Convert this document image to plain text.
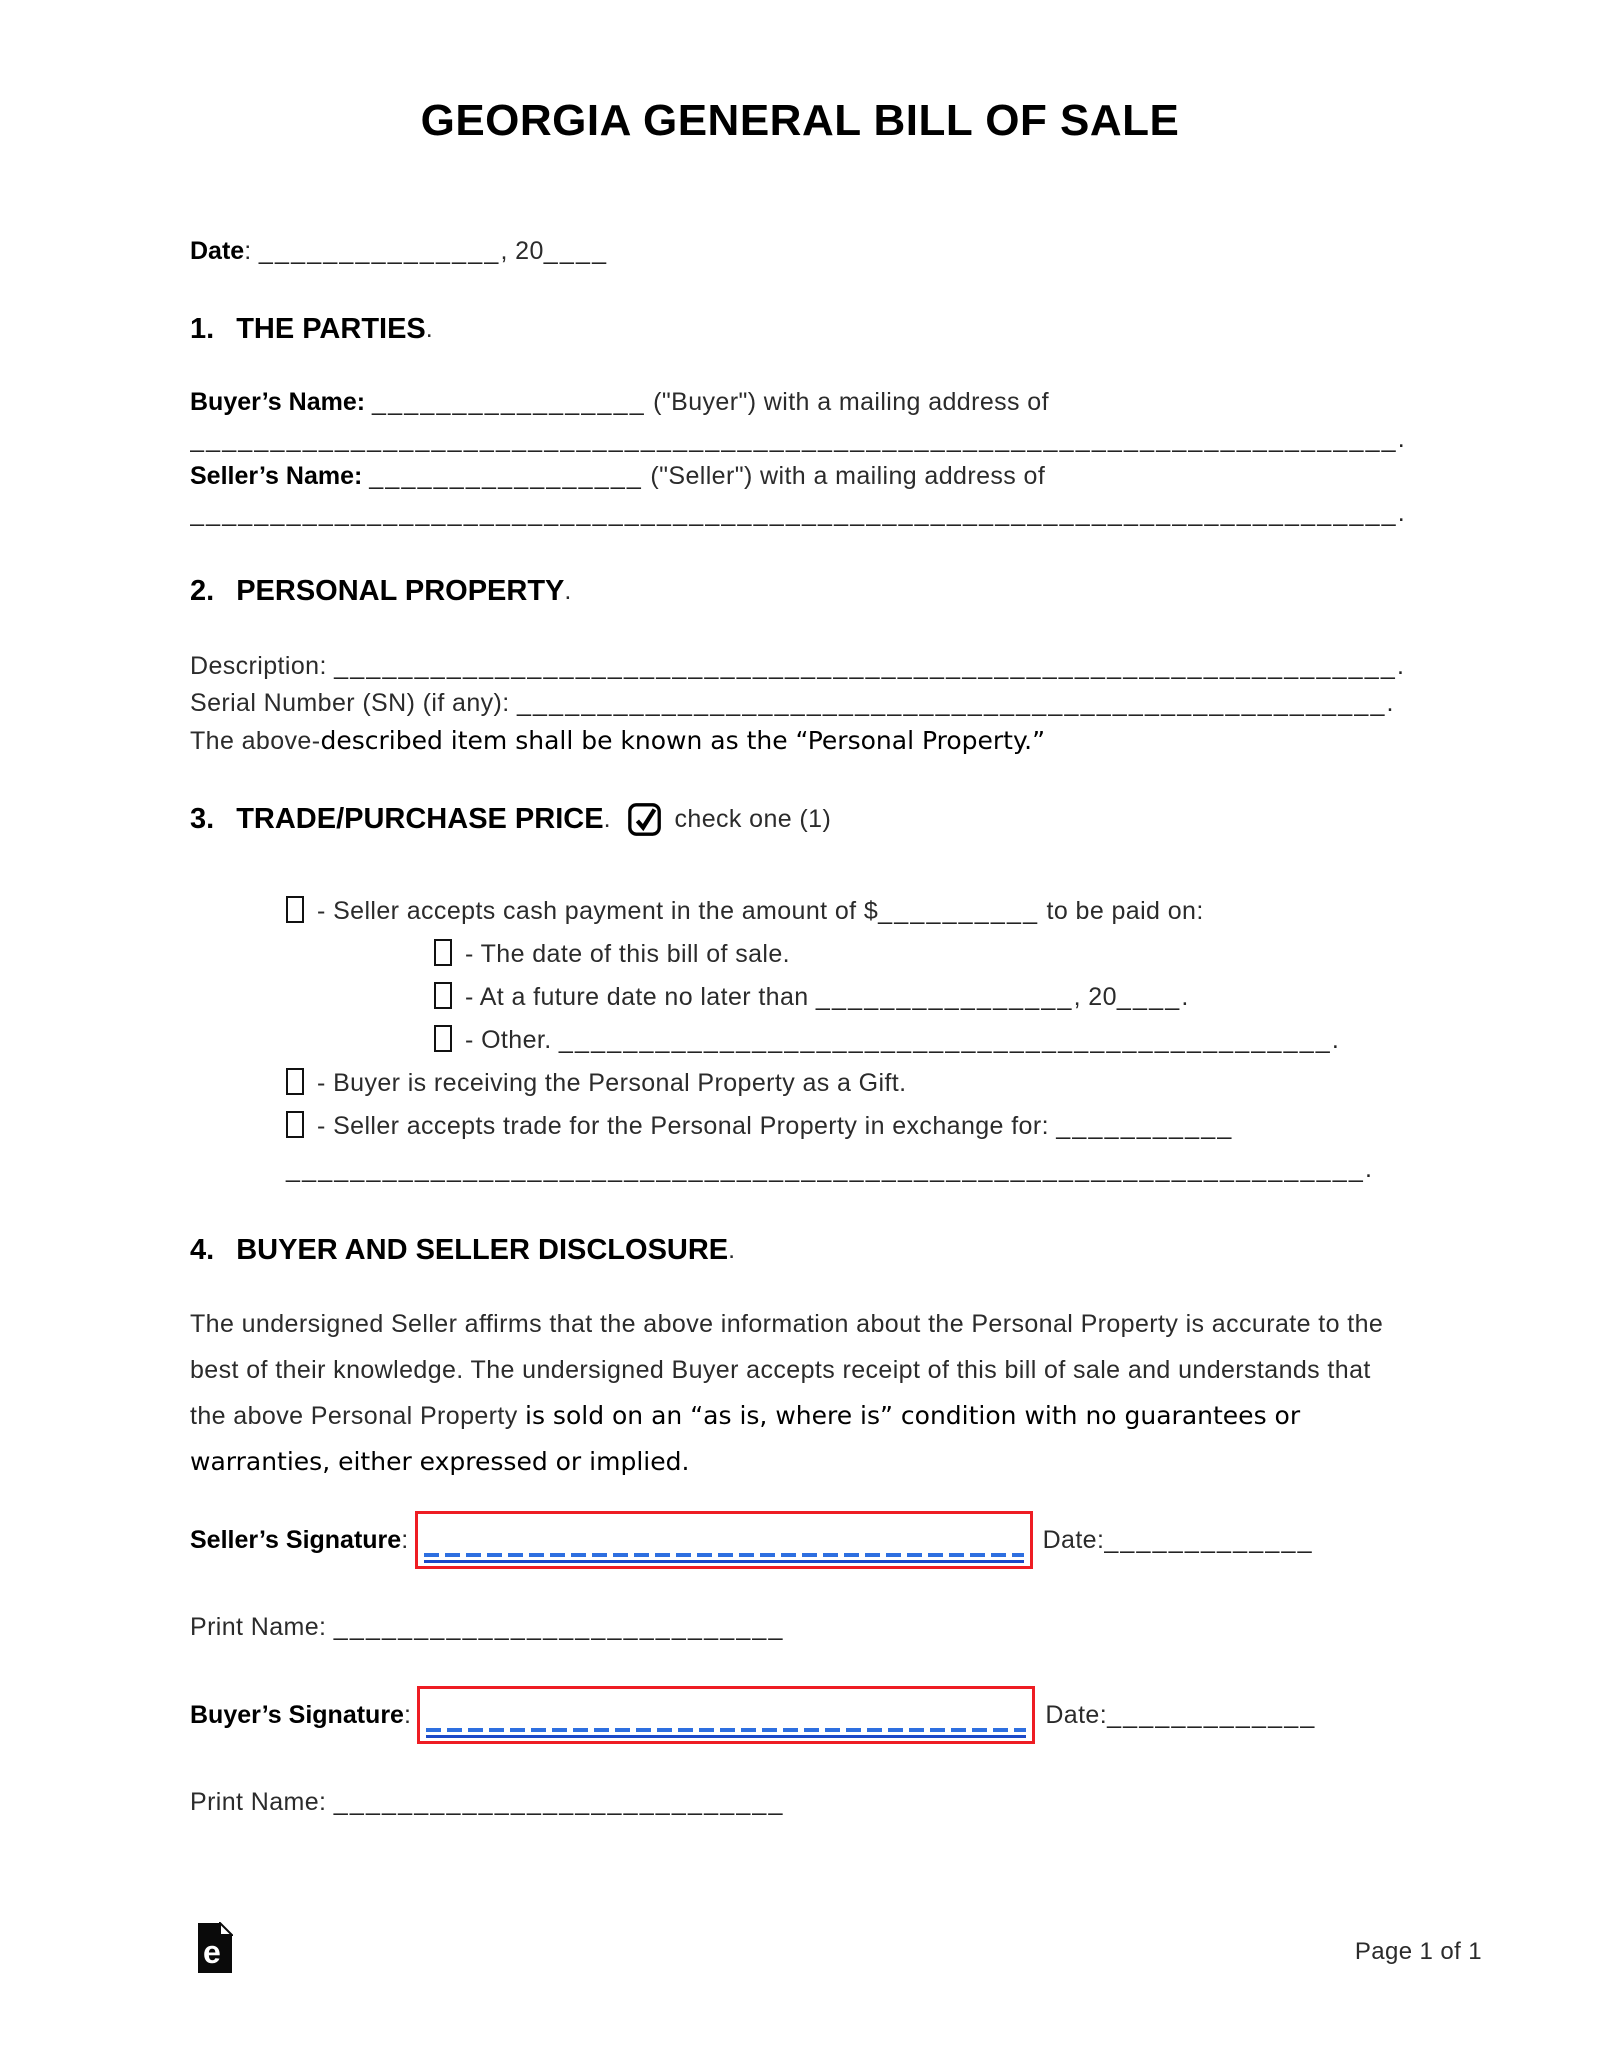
GEORGIA GENERAL BILL OF SALE
Date: _______________, 20____
1. THE PARTIES .
Buyer’s Name: _________________ ("Buyer") with a mailing address of
___________________________________________________________________________.
Seller’s Name: _________________ ("Seller") with a mailing address of
___________________________________________________________________________.
2. PERSONAL PROPERTY .
Description: __________________________________________________________________.
Serial Number (SN) (if any): ______________________________________________________.
The above-described item shall be known as the “Personal Property.”
3. TRADE/PURCHASE PRICE .	check one (1)
- Seller accepts cash payment in the amount of $__________ to be paid on:
- The date of this bill of sale.
- At a future date no later than ________________, 20____.
- Other. ________________________________________________.
- Buyer is receiving the Personal Property as a Gift.
- Seller accepts trade for the Personal Property in exchange for: ___________
___________________________________________________________________.
4. BUYER AND SELLER DISCLOSURE .
The undersigned Seller affirms that the above information about the Personal Property is accurate to the best of their knowledge. The undersigned Buyer accepts receipt of this bill of sale and understands that the above Personal Property is sold on an “as is, where is” condition with no guarantees or warranties, either expressed or implied.
Seller’s Signature :	Date: _____________
Print Name: ____________________________
Buyer’s Signature :	Date: _____________
Print Name: ____________________________
e	Page 1 of 1
